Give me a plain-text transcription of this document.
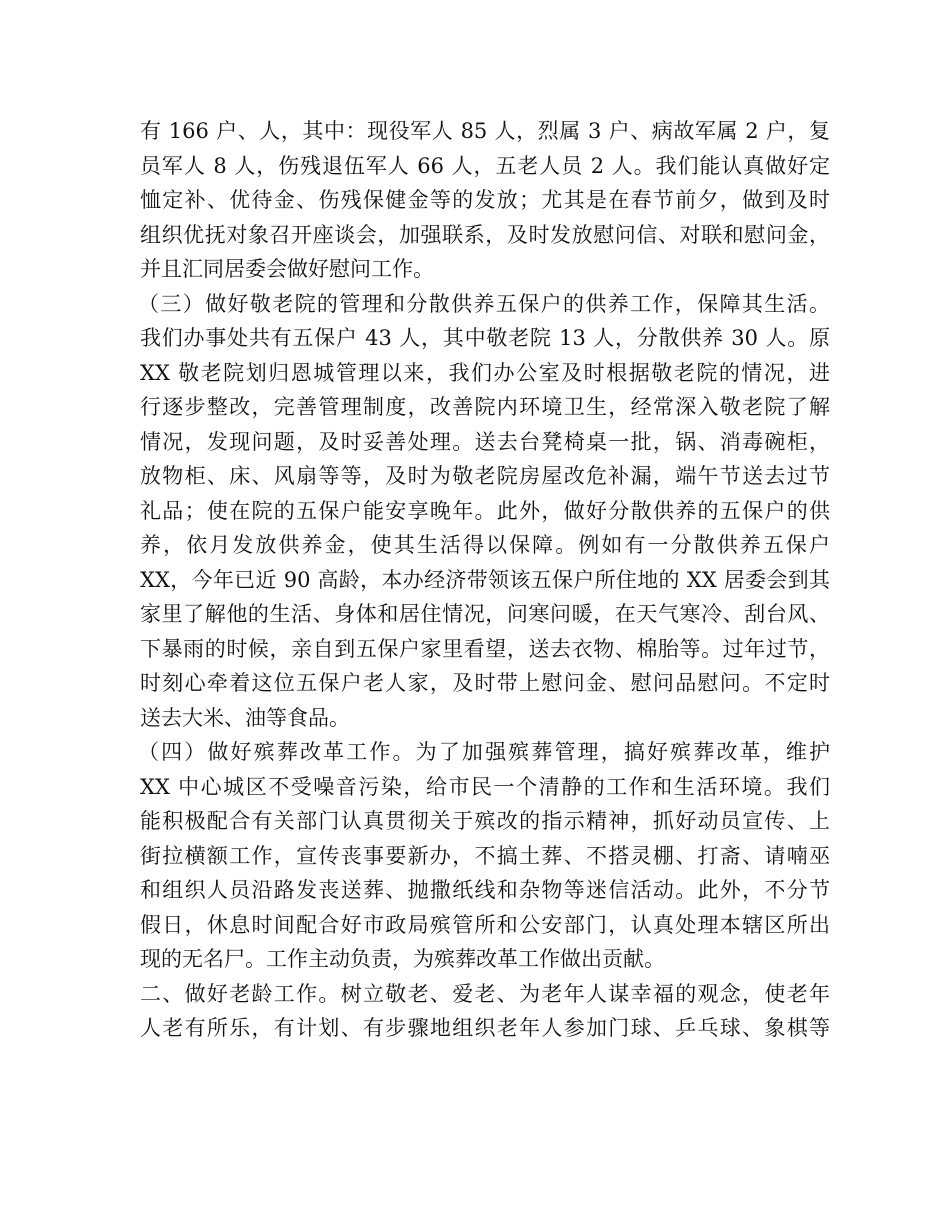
有 166 户、人，其中：现役军人 85 人，烈属 3 户、病故军属 2 户，复
员军人 8 人，伤残退伍军人 66 人，五老人员 2 人。我们能认真做好定
恤定补、优待金、伤残保健金等的发放；尤其是在春节前夕，做到及时
组织优抚对象召开座谈会，加强联系，及时发放慰问信、对联和慰问金，
并且汇同居委会做好慰问工作。
（三）做好敬老院的管理和分散供养五保户的供养工作，保障其生活。
我们办事处共有五保户 43 人，其中敬老院 13 人，分散供养 30 人。原
XX 敬老院划归恩城管理以来，我们办公室及时根据敬老院的情况，进
行逐步整改，完善管理制度，改善院内环境卫生，经常深入敬老院了解
情况，发现问题，及时妥善处理。送去台凳椅桌一批，锅、消毒碗柜，
放物柜、床、风扇等等，及时为敬老院房屋改危补漏，端午节送去过节
礼品；使在院的五保户能安享晚年。此外，做好分散供养的五保户的供
养，依月发放供养金，使其生活得以保障。例如有一分散供养五保户
XX，今年已近 90 高龄，本办经济带领该五保户所住地的 XX 居委会到其
家里了解他的生活、身体和居住情况，问寒问暖，在天气寒冷、刮台风、
下暴雨的时候，亲自到五保户家里看望，送去衣物、棉胎等。过年过节，
时刻心牵着这位五保户老人家，及时带上慰问金、慰问品慰问。不定时
送去大米、油等食品。
（四）做好殡葬改革工作。为了加强殡葬管理，搞好殡葬改革，维护
XX 中心城区不受噪音污染，给市民一个清静的工作和生活环境。我们
能积极配合有关部门认真贯彻关于殡改的指示精神，抓好动员宣传、上
街拉横额工作，宣传丧事要新办，不搞土葬、不搭灵棚、打斋、请喃巫
和组织人员沿路发丧送葬、抛撒纸线和杂物等迷信活动。此外，不分节
假日，休息时间配合好市政局殡管所和公安部门，认真处理本辖区所出
现的无名尸。工作主动负责，为殡葬改革工作做出贡献。
二、做好老龄工作。树立敬老、爱老、为老年人谋幸福的观念，使老年
人老有所乐，有计划、有步骤地组织老年人参加门球、乒乓球、象棋等
